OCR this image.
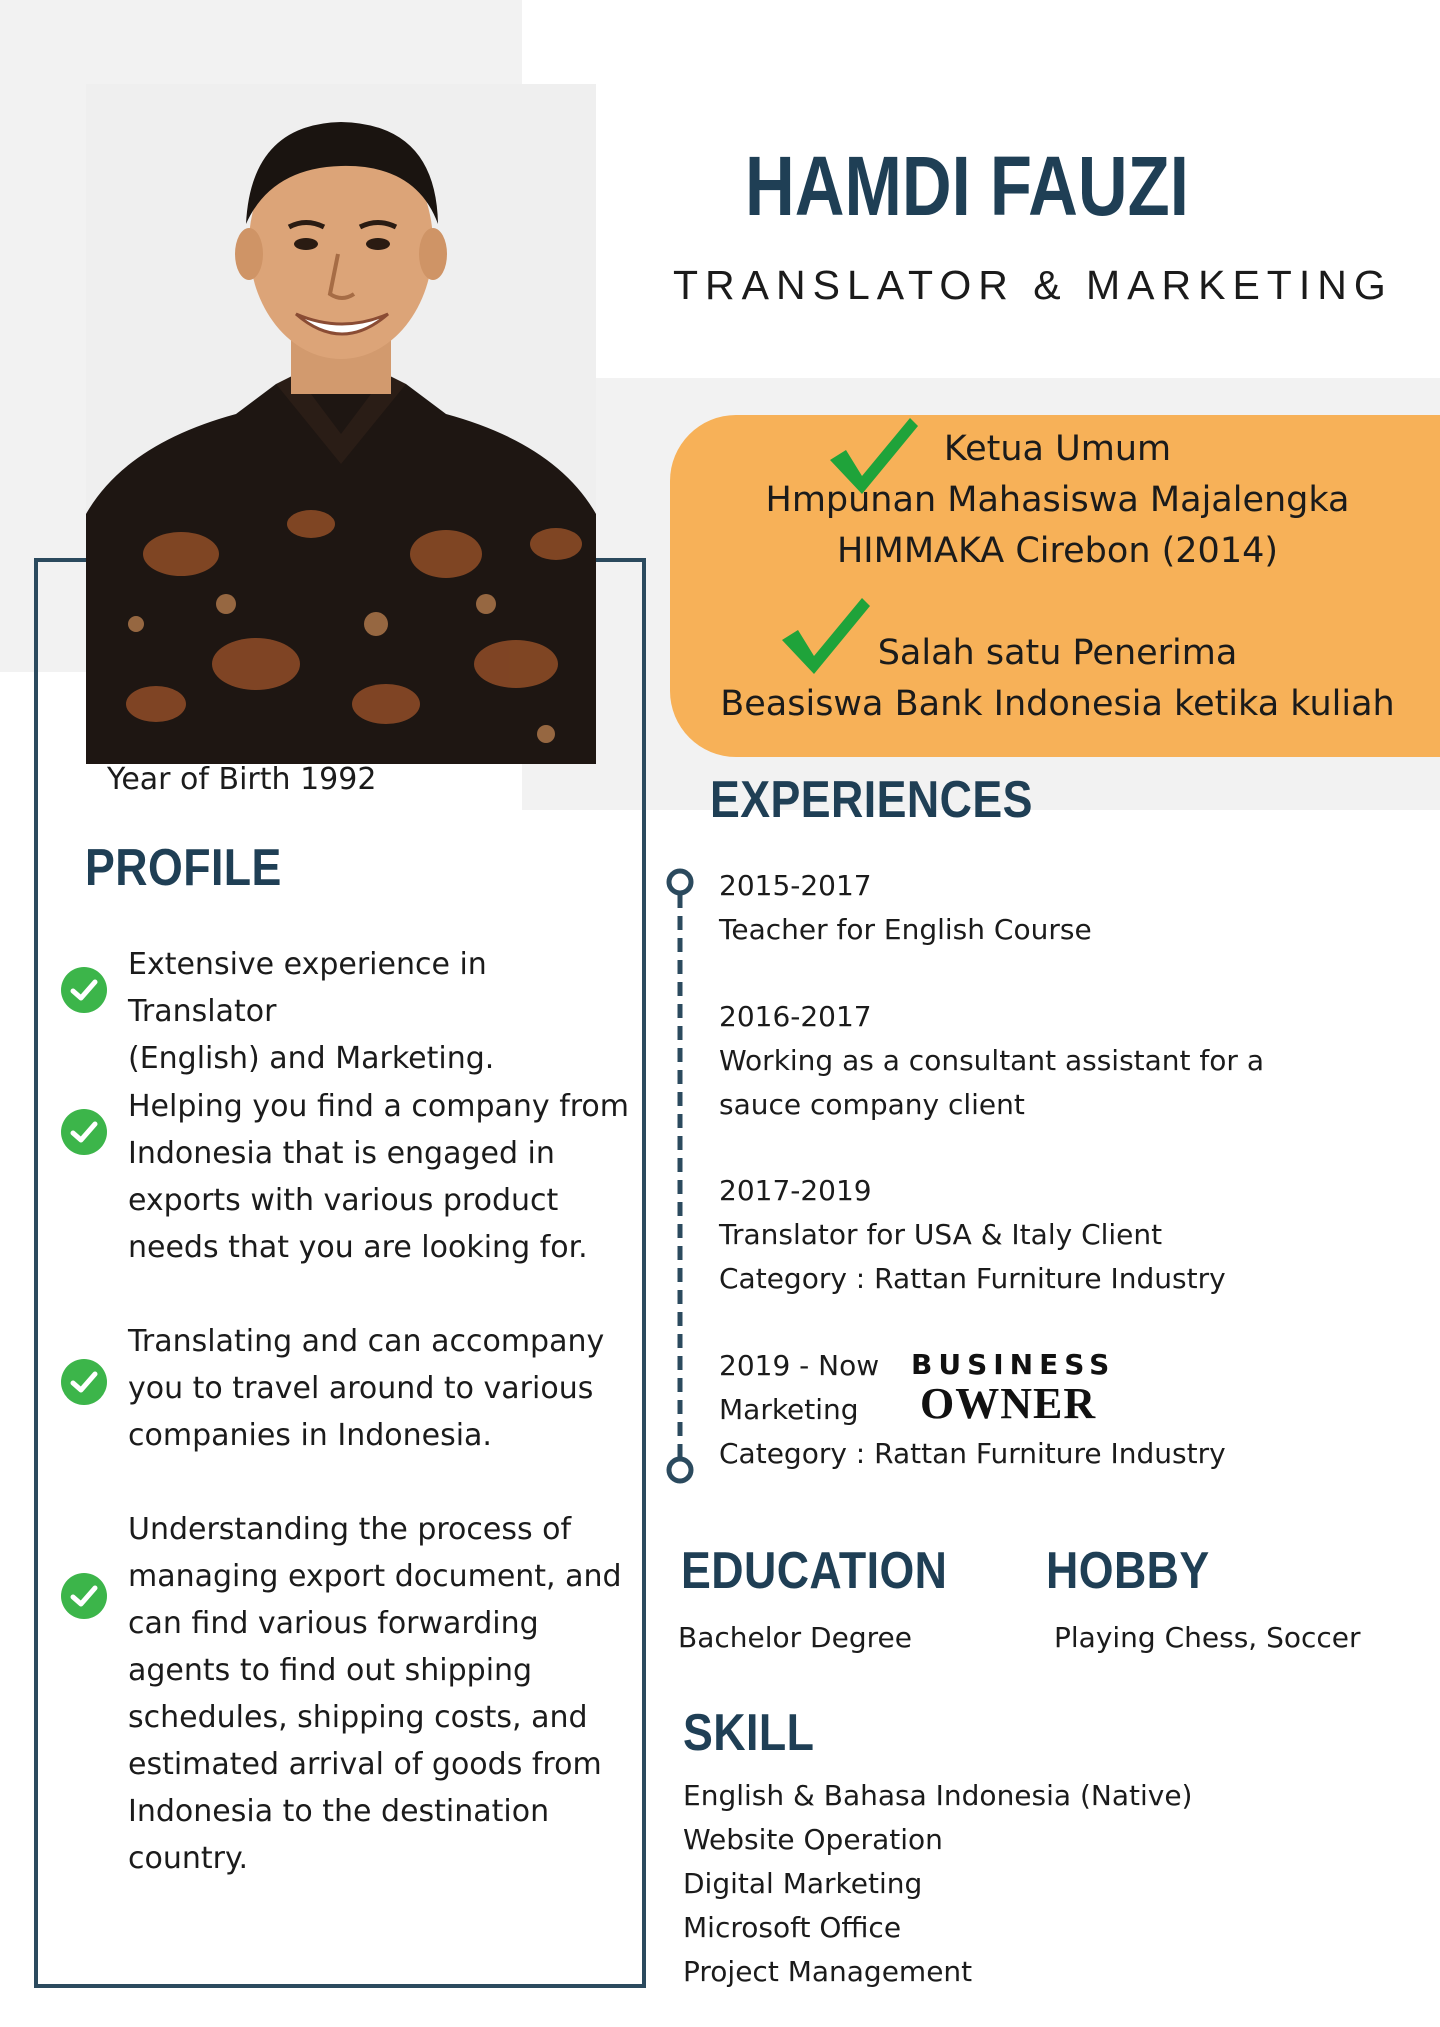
Year of Birth 1992
HAMDI FAUZI
TRANSLATOR & MARKETING
Ketua Umum
Hmpunan Mahasiswa Majalengka
HIMMAKA Cirebon (2014)
Salah satu Penerima
Beasiswa Bank Indonesia ketika kuliah
PROFILE
Extensive experience in Translator
(English) and Marketing.
Helping you find a company from
Indonesia that is engaged in
exports with various product
needs that you are looking for.
Translating and can accompany
you to travel around to various
companies in Indonesia.
Understanding the process of
managing export document, and
can find various forwarding
agents to find out shipping
schedules, shipping costs, and
estimated arrival of goods from
Indonesia to the destination
country.
EXPERIENCES
2015-2017
Teacher for English Course
2016-2017
Working as a consultant assistant for a
sauce company client
2017-2019
Translator for USA & Italy Client
Category : Rattan Furniture Industry
2019 - Now
Marketing
Category : Rattan Furniture Industry
BUSINESS
OWNER
EDUCATION
Bachelor Degree
HOBBY
Playing Chess, Soccer
SKILL
English & Bahasa Indonesia (Native)
Website Operation
Digital Marketing
Microsoft Office
Project Management
